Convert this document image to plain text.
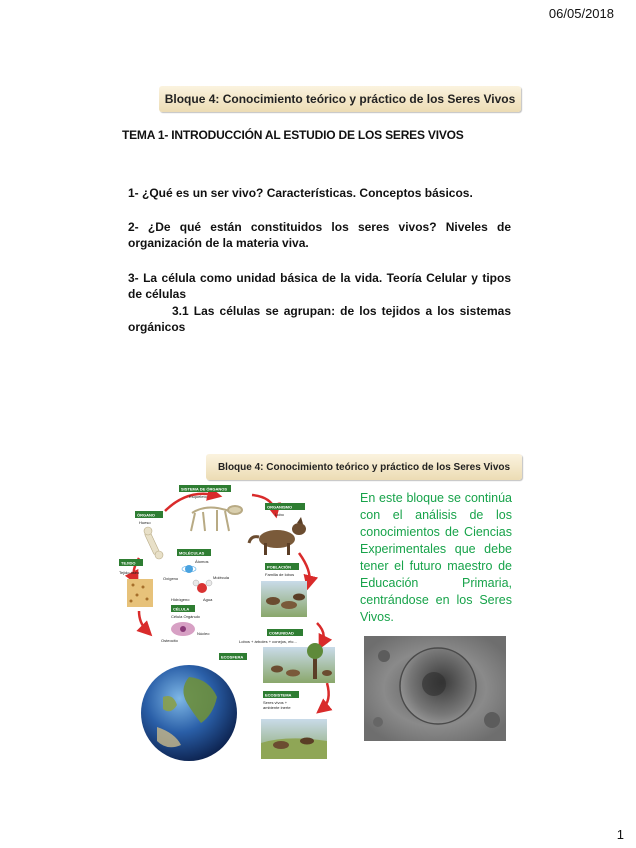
06/05/2018
Bloque 4: Conocimiento teórico y práctico de los Seres Vivos
TEMA 1- INTRODUCCIÓN AL ESTUDIO DE LOS SERES VIVOS
1- ¿Qué es un ser vivo? Características. Conceptos básicos.
2- ¿De qué están constituidos los seres vivos? Niveles de organización de la materia viva.
3- La célula como unidad básica de la vida. Teoría Celular y tipos de células
3.1 Las células se agrupan: de los tejidos a los sistemas orgánicos
Bloque 4: Conocimiento teórico y práctico de los Seres Vivos
SISTEMA DE ÓRGANOS
Esqueleto
ORGANISMO
Lobo
ÓRGANO
Hueso
MOLÉCULAS
Átomos
Oxígeno	Molécula
Hidrógeno	Agua
TEJIDO
Tejido óseo
POBLACIÓN
Familia de lobos
CÉLULA
Célula Orgánulo
Núcleo
Osteocito
COMUNIDAD
Lobos + árboles + conejos, etc...
ECOSFERA
ECOSISTEMA
Seres vivos +
ambiente inerte
En este bloque se continúa con el análisis de los conocimientos de Ciencias Experimentales que debe tener el futuro maestro de Educación Primaria, centrándose en los Seres Vivos.
1
